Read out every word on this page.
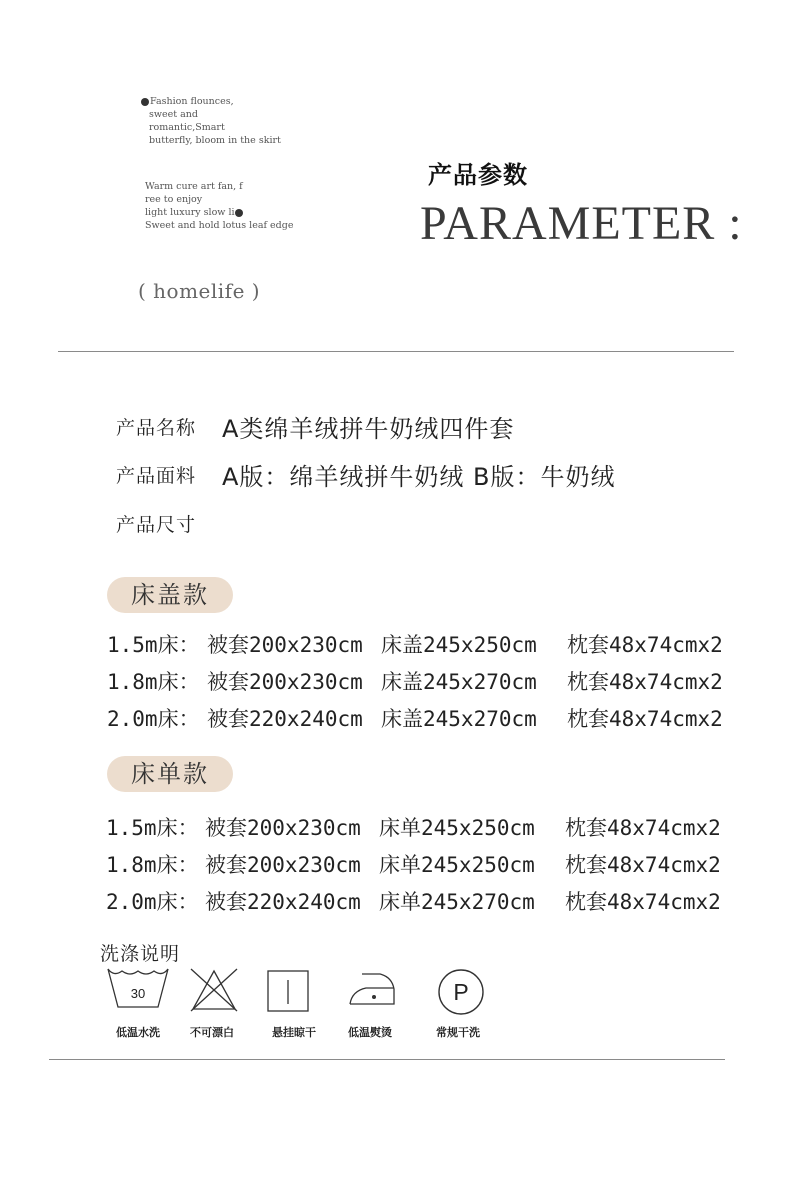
Fashion flounces,
sweet and
romantic,Smart
butterfly, bloom in the skirt
Warm cure art fan, f
ree to enjoy
light luxury slow li
Sweet and hold lotus leaf edge
( homelife )
产品参数
PARAMETER :
产品名称 A类绵羊绒拼牛奶绒四件套
产品面料 A版：绵羊绒拼牛奶绒 B版：牛奶绒
产品尺寸
床盖款
1.5m床： 被套200x230cm 床盖245x250cm 枕套48x74cmx2
1.8m床： 被套200x230cm 床盖245x270cm 枕套48x74cmx2
2.0m床： 被套220x240cm 床盖245x270cm 枕套48x74cmx2
床单款
1.5m床： 被套200x230cm 床单245x250cm 枕套48x74cmx2
1.8m床： 被套200x230cm 床单245x250cm 枕套48x74cmx2
2.0m床： 被套220x240cm 床单245x270cm 枕套48x74cmx2
洗涤说明
30
低温水洗	不可漂白	悬挂晾干	低温熨烫
P
常规干洗
